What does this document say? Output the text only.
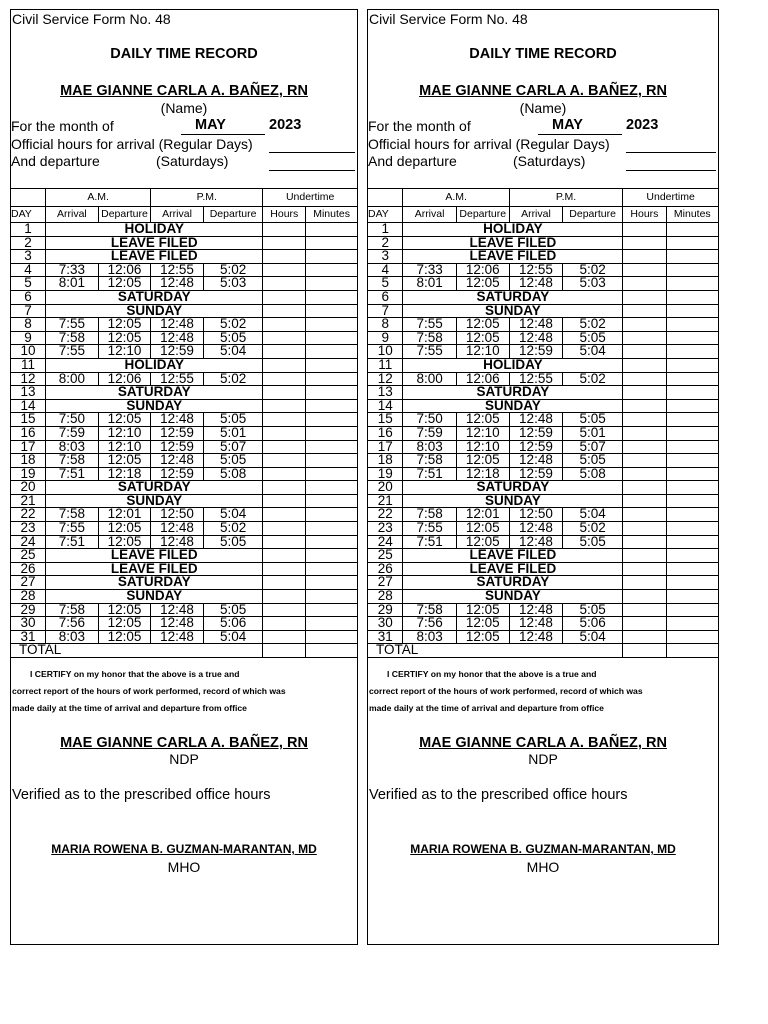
Civil Service Form No. 48
DAILY TIME RECORD
MAE GIANNE CARLA A. BAÑEZ, RN
(Name)
For the month of	MAY	2023
Official hours for arrival (Regular Days)
And departure	(Saturdays)
	A.M.		P.M.		Undertime	
DAY	Arrival	Departure	Arrival	Departure	Hours	Minutes
1	HOLIDAY					
2	LEAVE FILED					
3	LEAVE FILED					
4	7:33	12:06	12:55	5:02		
5	8:01	12:05	12:48	5:03		
6	SATURDAY					
7	SUNDAY					
8	7:55	12:05	12:48	5:02		
9	7:58	12:05	12:48	5:05		
10	7:55	12:10	12:59	5:04		
11	HOLIDAY					
12	8:00	12:06	12:55	5:02		
13	SATURDAY					
14	SUNDAY					
15	7:50	12:05	12:48	5:05		
16	7:59	12:10	12:59	5:01		
17	8:03	12:10	12:59	5:07		
18	7:58	12:05	12:48	5:05		
19	7:51	12:18	12:59	5:08		
20	SATURDAY					
21	SUNDAY					
22	7:58	12:01	12:50	5:04		
23	7:55	12:05	12:48	5:02		
24	7:51	12:05	12:48	5:05		
25	LEAVE FILED					
26	LEAVE FILED					
27	SATURDAY					
28	SUNDAY					
29	7:58	12:05	12:48	5:05		
30	7:56	12:05	12:48	5:06		
31	8:03	12:05	12:48	5:04		
TOTAL						
I CERTIFY on my honor that the above is a true and
correct report of the hours of work performed, record of which was
made daily at the time of arrival and departure from office
MAE GIANNE CARLA A. BAÑEZ, RN
NDP
Verified as to the prescribed office hours
MARIA ROWENA B. GUZMAN-MARANTAN, MD
MHO
Civil Service Form No. 48
DAILY TIME RECORD
MAE GIANNE CARLA A. BAÑEZ, RN
(Name)
For the month of	MAY	2023
Official hours for arrival (Regular Days)
And departure	(Saturdays)
	A.M.		P.M.		Undertime	
DAY	Arrival	Departure	Arrival	Departure	Hours	Minutes
1	HOLIDAY					
2	LEAVE FILED					
3	LEAVE FILED					
4	7:33	12:06	12:55	5:02		
5	8:01	12:05	12:48	5:03		
6	SATURDAY					
7	SUNDAY					
8	7:55	12:05	12:48	5:02		
9	7:58	12:05	12:48	5:05		
10	7:55	12:10	12:59	5:04		
11	HOLIDAY					
12	8:00	12:06	12:55	5:02		
13	SATURDAY					
14	SUNDAY					
15	7:50	12:05	12:48	5:05		
16	7:59	12:10	12:59	5:01		
17	8:03	12:10	12:59	5:07		
18	7:58	12:05	12:48	5:05		
19	7:51	12:18	12:59	5:08		
20	SATURDAY					
21	SUNDAY					
22	7:58	12:01	12:50	5:04		
23	7:55	12:05	12:48	5:02		
24	7:51	12:05	12:48	5:05		
25	LEAVE FILED					
26	LEAVE FILED					
27	SATURDAY					
28	SUNDAY					
29	7:58	12:05	12:48	5:05		
30	7:56	12:05	12:48	5:06		
31	8:03	12:05	12:48	5:04		
TOTAL						
I CERTIFY on my honor that the above is a true and
correct report of the hours of work performed, record of which was
made daily at the time of arrival and departure from office
MAE GIANNE CARLA A. BAÑEZ, RN
NDP
Verified as to the prescribed office hours
MARIA ROWENA B. GUZMAN-MARANTAN, MD
MHO
